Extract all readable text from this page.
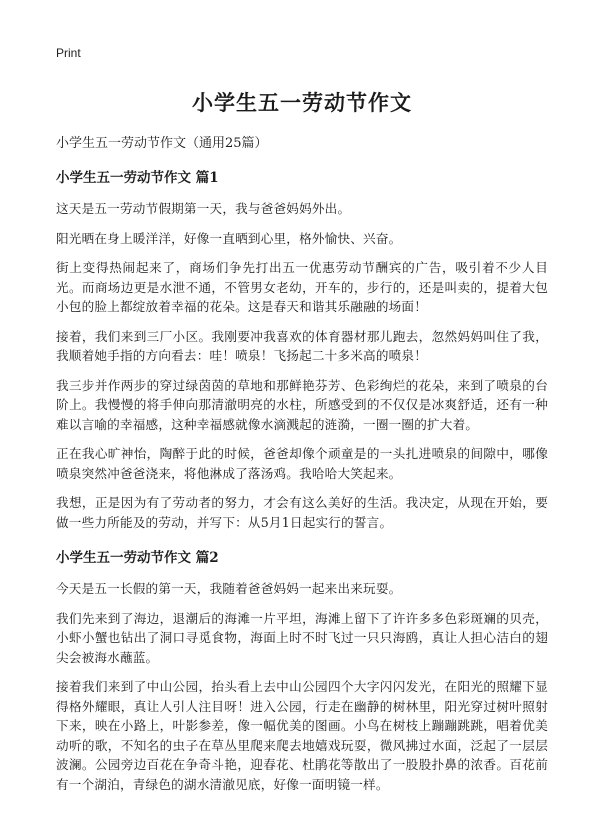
Print
小学生五一劳动节作文
小学生五一劳动节作文（通用25篇）
小学生五一劳动节作文 篇1
这天是五一劳动节假期第一天，我与爸爸妈妈外出。
阳光晒在身上暖洋洋，好像一直晒到心里，格外愉快、兴奋。
街上变得热闹起来了，商场们争先打出五一优惠劳动节酬宾的广告，吸引着不少人目光。而商场边更是水泄不通，不管男女老幼，开车的，步行的，还是叫卖的，提着大包小包的脸上都绽放着幸福的花朵。这是春天和谐其乐融融的场面！
接着，我们来到三厂小区。我刚要冲我喜欢的体育器材那儿跑去，忽然妈妈叫住了我，我顺着她手指的方向看去：哇！喷泉！飞扬起二十多米高的喷泉！
我三步并作两步的穿过绿茵茵的草地和那鲜艳芬芳、色彩绚烂的花朵，来到了喷泉的台阶上。我慢慢的将手伸向那清澈明亮的水柱，所感受到的不仅仅是冰爽舒适，还有一种难以言喻的幸福感，这种幸福感就像水滴溅起的涟漪，一圈一圈的扩大着。
正在我心旷神怡，陶醉于此的时候，爸爸却像个顽童是的一头扎进喷泉的间隙中，哪像喷泉突然冲爸爸浇来，将他淋成了落汤鸡。我哈哈大笑起来。
我想，正是因为有了劳动者的努力，才会有这么美好的生活。我决定，从现在开始，要做一些力所能及的劳动，并写下：从5月1日起实行的誓言。
小学生五一劳动节作文 篇2
今天是五一长假的第一天，我随着爸爸妈妈一起来出来玩耍。
我们先来到了海边，退潮后的海滩一片平坦，海滩上留下了许许多多色彩斑斓的贝壳，小虾小蟹也钻出了洞口寻觅食物，海面上时不时飞过一只只海鸥，真让人担心洁白的翅尖会被海水蘸蓝。
接着我们来到了中山公园，抬头看上去中山公园四个大字闪闪发光，在阳光的照耀下显得格外耀眼，真让人引人注目呀！进入公园，行走在幽静的树林里，阳光穿过树叶照射下来，映在小路上，叶影参差，像一幅优美的图画。小鸟在树枝上蹦蹦跳跳，唱着优美动听的歌，不知名的虫子在草丛里爬来爬去地嬉戏玩耍，微风拂过水面，泛起了一层层波澜。公园旁边百花在争奇斗艳，迎春花、杜鹃花等散出了一股股扑鼻的浓香。百花前有一个湖泊，青绿色的湖水清澈见底，好像一面明镜一样。
